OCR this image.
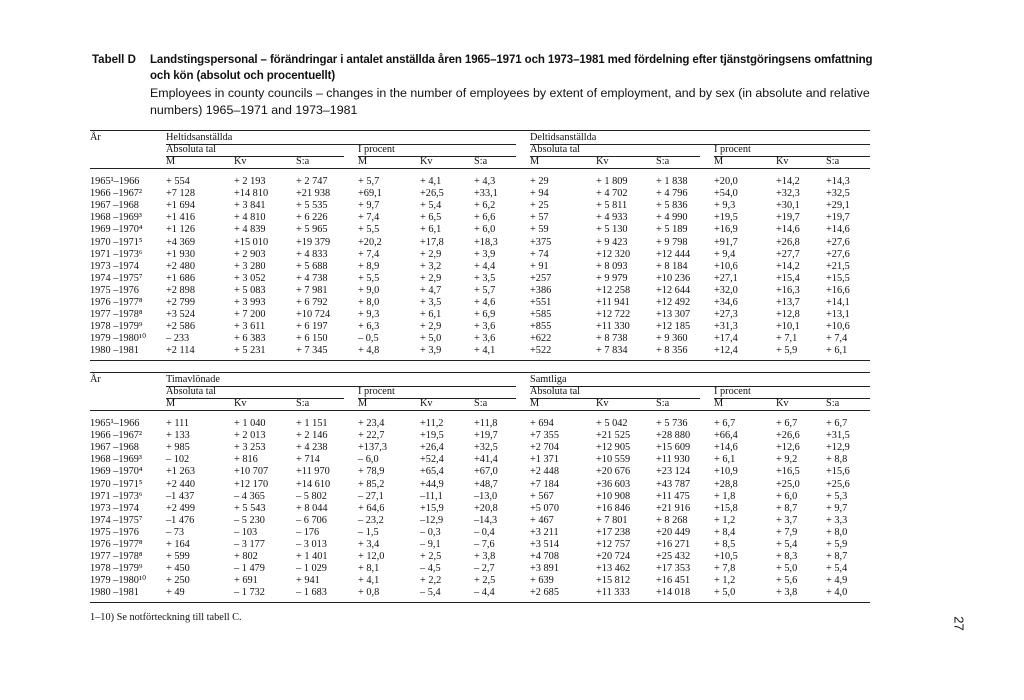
Tabell D	Landstingspersonal – förändringar i antalet anställda åren 1965–1971 och 1973–1981 med fördelning efter tjänstgöringsens omfattning och kön (absolut och procentuellt)
Employees in county councils – changes in the number of employees by extent of employment, and by sex (in absolute and relative numbers) 1965–1971 and 1973–1981
År	Heltidsanställda	Deltidsanställda
Absoluta tal	I procent	Absoluta tal	I procent
M	Kv	S:a	M	Kv	S:a	M	Kv	S:a	M	Kv	S:a
1965¹–1966	+ 554	+ 2 193	+ 2 747	+ 5,7	+ 4,1	+ 4,3	+ 29	+ 1 809	+ 1 838	+20,0	+14,2	+14,3
1966 –1967² +7 128	+14 810	+21 938	+69,1	+26,5	+33,1	+ 94	+ 4 702	+ 4 796	+54,0	+32,3	+32,5
1967 –1968	+1 694	+ 3 841	+ 5 535	+ 9,7	+ 5,4	+ 6,2	+ 25	+ 5 811	+ 5 836	+ 9,3	+30,1	+29,1
1968 –1969³ +1 416	+ 4 810	+ 6 226	+ 7,4	+ 6,5	+ 6,6	+ 57	+ 4 933	+ 4 990	+19,5	+19,7	+19,7
1969 –1970⁴ +1 126	+ 4 839	+ 5 965	+ 5,5	+ 6,1	+ 6,0	+ 59	+ 5 130	+ 5 189	+16,9	+14,6	+14,6
1970 –1971⁵ +4 369	+15 010	+19 379	+20,2	+17,8	+18,3	+375	+ 9 423	+ 9 798	+91,7	+26,8	+27,6
1971 –1973⁶ +1 930	+ 2 903	+ 4 833	+ 7,4	+ 2,9	+ 3,9	+ 74	+12 320	+12 444 + 9,4	+27,7	+27,6
1973 –1974	+2 480	+ 3 280	+ 5 688	+ 8,9	+ 3,2	+ 4,4	+ 91	+ 8 093	+ 8 184	+10,6	+14,2	+21,5
1974 –1975⁷ +1 686	+ 3 052	+ 4 738	+ 5,5	+ 2,9	+ 3,5	+257	+ 9 979	+10 236 +27,1	+15,4	+15,5
1975 –1976	+2 898	+ 5 083	+ 7 981	+ 9,0	+ 4,7	+ 5,7	+386	+12 258	+12 644 +32,0	+16,3	+16,6
1976 –1977⁸ +2 799	+ 3 993	+ 6 792	+ 8,0	+ 3,5	+ 4,6	+551	+11 941	+12 492 +34,6	+13,7	+14,1
1977 –1978⁸ +3 524	+ 7 200	+10 724	+ 9,3	+ 6,1	+ 6,9	+585	+12 722	+13 307 +27,3	+12,8	+13,1
1978 –1979⁹ +2 586	+ 3 611	+ 6 197	+ 6,3	+ 2,9	+ 3,6	+855	+11 330	+12 185 +31,3	+10,1	+10,6
1979 –1980¹⁰ – 233	+ 6 383	+ 6 150	– 0,5	+ 5,0	+ 3,6	+622	+ 8 738	+ 9 360	+17,4	+ 7,1	+ 7,4
1980 –1981	+2 114	+ 5 231	+ 7 345	+ 4,8	+ 3,9	+ 4,1	+522	+ 7 834	+ 8 356	+12,4	+ 5,9	+ 6,1
År	Timavlönade	Samtliga
Absoluta tal	I procent	Absoluta tal	I procent
M	Kv	S:a	M	Kv	S:a	M	Kv	S:a	M	Kv	S:a
1965¹–1966	+ 111	+ 1 040	+ 1 151	+ 23,4	+11,2	+11,8	+ 694	+ 5 042	+ 5 736	+ 6,7	+ 6,7	+ 6,7
1966 –1967² + 133	+ 2 013	+ 2 146	+ 22,7	+19,5	+19,7	+7 355	+21 525	+28 880 +66,4	+26,6	+31,5
1967 –1968	+ 985	+ 3 253	+ 4 238	+137,3	+26,4	+32,5	+2 704	+12 905	+15 609 +14,6	+12,6	+12,9
1968 –1969³ – 102	+ 816	+ 714	– 6,0	+52,4	+41,4	+1 371	+10 559	+11 930 + 6,1	+ 9,2	+ 8,8
1969 –1970⁴ +1 263	+10 707	+11 970	+ 78,9	+65,4	+67,0	+2 448	+20 676	+23 124 +10,9	+16,5	+15,6
1970 –1971⁵ +2 440	+12 170	+14 610	+ 85,2	+44,9	+48,7	+7 184	+36 603	+43 787 +28,8	+25,0	+25,6
1971 –1973⁶ –1 437	– 4 365	– 5 802	– 27,1	–11,1	–13,0	+ 567	+10 908	+11 475 + 1,8	+ 6,0	+ 5,3
1973 –1974	+2 499	+ 5 543	+ 8 044	+ 64,6	+15,9	+20,8	+5 070	+16 846	+21 916 +15,8	+ 8,7	+ 9,7
1974 –1975⁷ –1 476	– 5 230	– 6 706	– 23,2	–12,9	–14,3	+ 467	+ 7 801	+ 8 268	+ 1,2	+ 3,7	+ 3,3
1975 –1976	– 73	– 103	– 176	– 1,5	– 0,3	– 0,4	+3 211	+17 238	+20 449 + 8,4	+ 7,9	+ 8,0
1976 –1977⁸ + 164	– 3 177	– 3 013	+ 3,4	– 9,1	– 7,6	+3 514	+12 757	+16 271 + 8,5	+ 5,4	+ 5,9
1977 –1978⁸ + 599	+ 802	+ 1 401	+ 12,0	+ 2,5	+ 3,8	+4 708	+20 724	+25 432 +10,5	+ 8,3	+ 8,7
1978 –1979⁹ + 450	– 1 479	– 1 029	+ 8,1	– 4,5	– 2,7	+3 891	+13 462	+17 353 + 7,8	+ 5,0	+ 5,4
1979 –1980¹⁰ + 250	+ 691	+ 941	+ 4,1	+ 2,2	+ 2,5	+ 639	+15 812	+16 451 + 1,2	+ 5,6	+ 4,9
1980 –1981	+ 49	– 1 732	– 1 683	+ 0,8	– 5,4	– 4,4	+2 685	+11 333	+14 018 + 5,0	+ 3,8	+ 4,0
1–10) Se notförteckning till tabell C.	27
